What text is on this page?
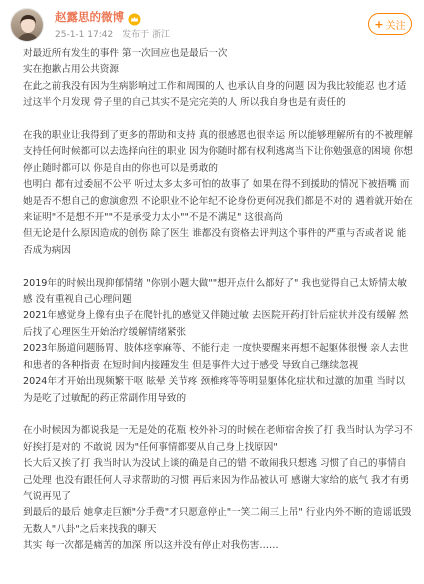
赵露思的微博
25-1-1 17:42 发布于 浙江
+ 关注

对最近所有发生的事件 第一次回应也是最后一次
实在抱歉占用公共资源
在此之前我没有因为生病影响过工作和周围的人 也承认自身的问题 因为我比较能忍 也才适过这半个月发现 骨子里的自己其实不是完完美的人 所以我自身也是有责任的

在我的职业让我得到了更多的帮助和支持 真的很感恩也很幸运 所以能够理解所有的不被理解
支持任何时候都可以去选择向往的职业 因为你随时都有权利逃离当下让你勉强意的困境 你想停止随时都可以 你是自由的你也可以是勇敢的
也明白 都有过委屈不公平 听过太多太多可怕的故事了 如果在得不到援助的情况下被捂嘴 而她是否不想自己的愈演愈烈 不论职业不论年纪不论身份更何况我们都是不对的 遇着就开始在来证明"不是想不开""不是承受力太小""不是不满足" 这很高尚
但无论是什么原因造成的创伤 除了医生 谁都没有资格去评判这个事件的严重与否或者说 能否成为病因

2019年的时候出现抑郁情绪 "你别小题大做""想开点什么都好了" 我也觉得自己太矫情太敏感 没有重视自己心理问题
2021年感觉身上像有虫子在爬针扎的感觉又伴随过敏 去医院开药打针后症状并没有缓解 然后找了心理医生开始治疗缓解情绪紧张
2023年肠道问题肠胃、肢体痉挛麻等、不能行走 一度快要醒来再想不起躯体很慢 亲人去世和患者的各种指责 在短时间内接踵发生 但是事件大过于感受 导致自己继续忽视
2024年才开始出现频繁干呕 眩晕 关节疼 颈椎疼等等明显躯体化症状和过激的加重 当时以为是吃了过敏配的药正常副作用导致的

在小时候因为都说我是一无是处的花瓶 校外补习的时候在老师宿舍挨了打 我当时认为学习不好挨打是对的 不敢说 因为"任何事情都要从自己身上找原因"
长大后又挨了打 我当时认为没试上谈的确是自己的错 不敢闹我只想逃 习惯了自己的事情自己处理 也没有跟任何人寻求帮助的习惯 再后来因为作品被认可 感谢大家给的底气 我才有勇气说再见了
到最后的最后 她拿走巨额"分手费"才只愿意停止"一笑二闹三上吊" 行业内外不断的造谣诋毁 无数人"八卦"之后来找我的聊天
其实 每一次都是痛苦的加深 所以这并没有停止对我伤害……
